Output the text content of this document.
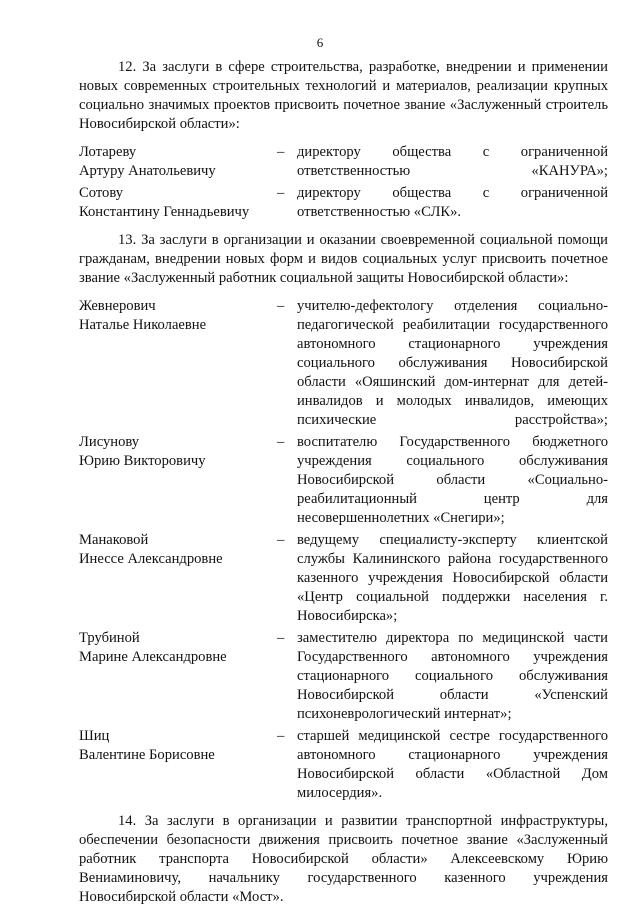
6

12. За заслуги в сфере строительства, разработке, внедрении и применении новых современных строительных технологий и материалов, реализации крупных социально значимых проектов присвоить почетное звание «Заслуженный строитель Новосибирской области»:

Лотареву
Артуру Анатольевичу
– директору общества с ограниченной ответственностью «КАНУРА»;
Сотову
Константину Геннадьевичу
– директору общества с ограниченной ответственностью «СЛК».

13. За заслуги в организации и оказании своевременной социальной помощи гражданам, внедрении новых форм и видов социальных услуг присвоить почетное звание «Заслуженный работник социальной защиты Новосибирской области»:

Жевнерович
Наталье Николаевне
– учителю-дефектологу отделения социально-педагогической реабилитации государственного автономного стационарного учреждения социального обслуживания Новосибирской области «Ояшинский дом-интернат для детей-инвалидов и молодых инвалидов, имеющих психические расстройства»;
Лисунову
Юрию Викторовичу
– воспитателю Государственного бюджетного учреждения социального обслуживания Новосибирской области «Социально-реабилитационный центр для несовершеннолетних «Снегири»;
Манаковой
Инессе Александровне
– ведущему специалисту-эксперту клиентской службы Калининского района государственного казенного учреждения Новосибирской области «Центр социальной поддержки населения г. Новосибирска»;
Трубиной
Марине Александровне
– заместителю директора по медицинской части Государственного автономного учреждения стационарного социального обслуживания Новосибирской области «Успенский психоневрологический интернат»;
Шиц
Валентине Борисовне
– старшей медицинской сестре государственного автономного стационарного учреждения Новосибирской области «Областной Дом милосердия».

14. За заслуги в организации и развитии транспортной инфраструктуры, обеспечении безопасности движения присвоить почетное звание «Заслуженный работник транспорта Новосибирской области» Алексеевскому Юрию Вениаминовичу, начальнику государственного казенного учреждения Новосибирской области «Мост».
